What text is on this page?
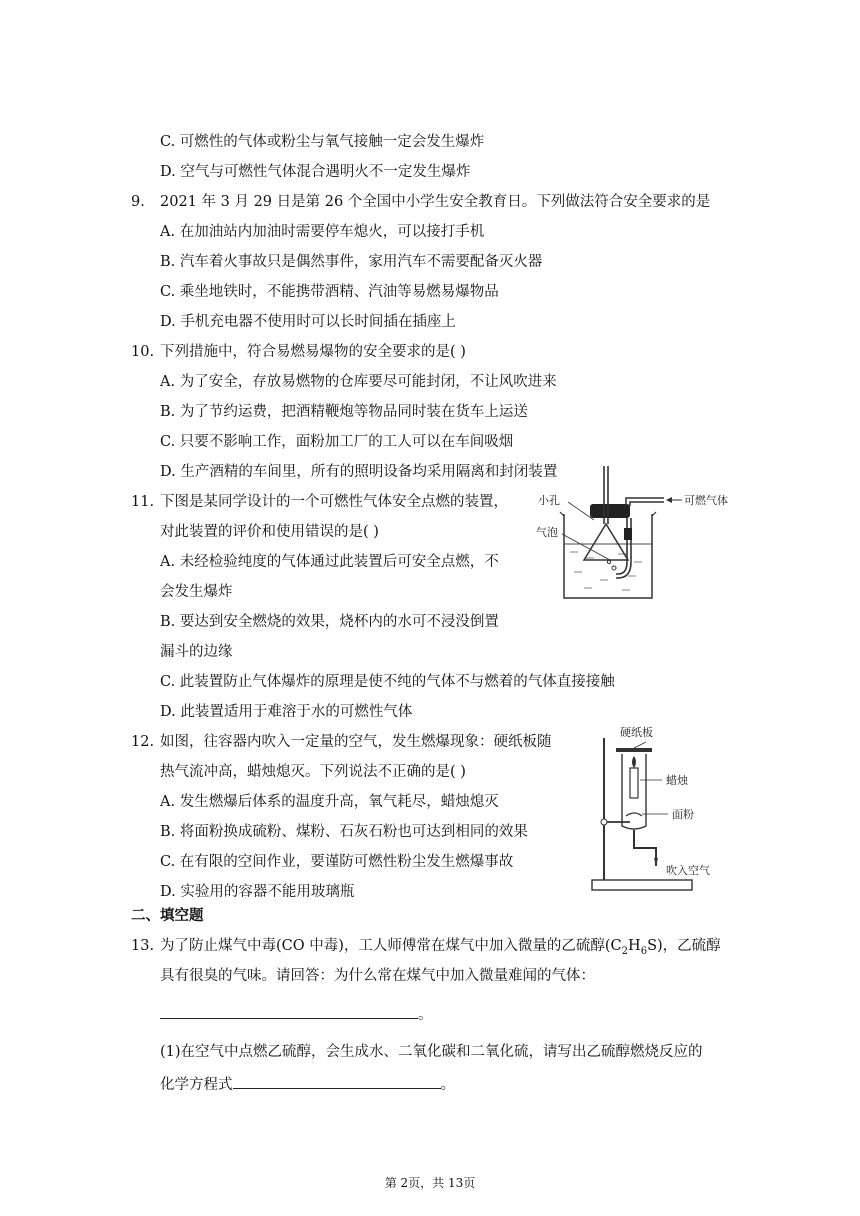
C. 可燃性的气体或粉尘与氧气接触一定会发生爆炸
D. 空气与可燃性气体混合遇明火不一定发生爆炸
9. 2021 年 3 月 29 日是第 26 个全国中小学生安全教育日。下列做法符合安全要求的是
A. 在加油站内加油时需要停车熄火，可以接打手机
B. 汽车着火事故只是偶然事件，家用汽车不需要配备灭火器
C. 乘坐地铁时，不能携带酒精、汽油等易燃易爆物品
D. 手机充电器不使用时可以长时间插在插座上
10. 下列措施中，符合易燃易爆物的安全要求的是( )
A. 为了安全，存放易燃物的仓库要尽可能封闭，不让风吹进来
B. 为了节约运费，把酒精鞭炮等物品同时装在货车上运送
C. 只要不影响工作，面粉加工厂的工人可以在车间吸烟
D. 生产酒精的车间里，所有的照明设备均采用隔离和封闭装置
11. 下图是某同学设计的一个可燃性气体安全点燃的装置，
对此装置的评价和使用错误的是( )
A. 未经检验纯度的气体通过此装置后可安全点燃，不
会发生爆炸
B. 要达到安全燃烧的效果，烧杯内的水可不浸没倒置
漏斗的边缘
C. 此装置防止气体爆炸的原理是使不纯的气体不与燃着的气体直接接触
D. 此装置适用于难溶于水的可燃性气体
小孔	可燃气体
气泡
12. 如图，往容器内吹入一定量的空气，发生燃爆现象：硬纸板随
热气流冲高，蜡烛熄灭。下列说法不正确的是( )
A. 发生燃爆后体系的温度升高，氧气耗尽，蜡烛熄灭
B. 将面粉换成硫粉、煤粉、石灰石粉也可达到相同的效果
C. 在有限的空间作业，要谨防可燃性粉尘发生燃爆事故
D. 实验用的容器不能用玻璃瓶
硬纸板
蜡烛
面粉
吹入空气
二、填空题
13. 为了防止煤气中毒(CO 中毒)，工人师傅常在煤气中加入微量的乙硫醇$(C_2H_6S)$，乙硫醇
具有很臭的气味。请回答：为什么常在煤气中加入微量难闻的气体：
。
(1)在空气中点燃乙硫醇，会生成水、二氧化碳和二氧化硫，请写出乙硫醇燃烧反应的
化学方程式	。
第 2页，共 13页
